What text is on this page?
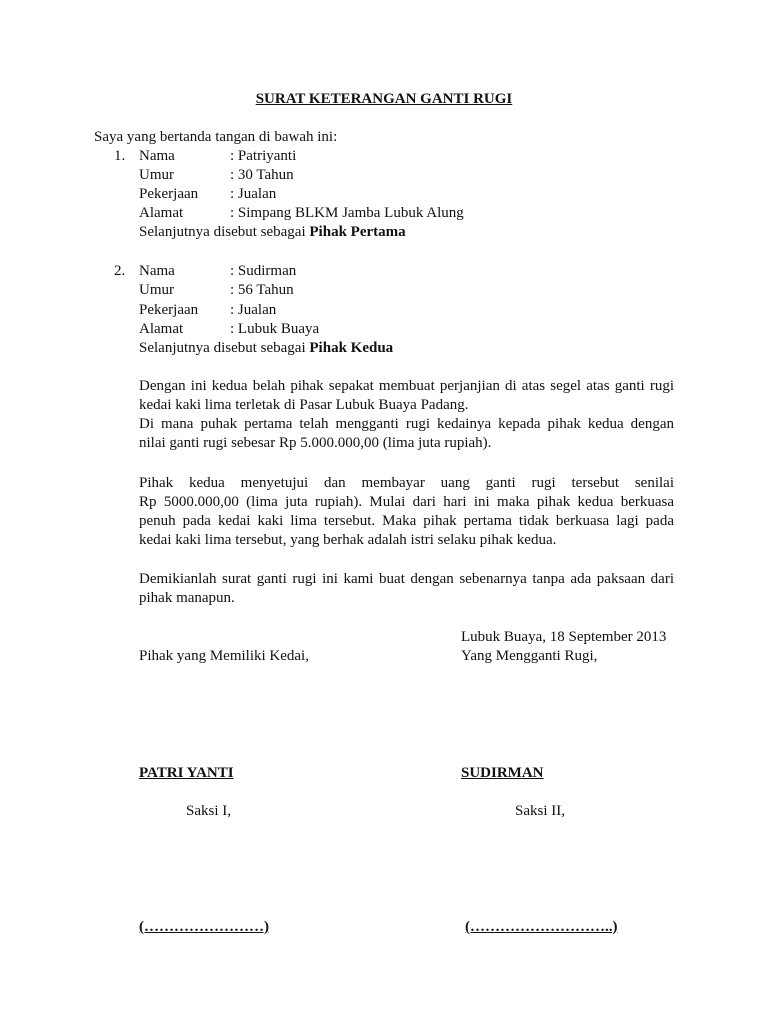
SURAT KETERANGAN GANTI RUGI
Saya yang bertanda tangan di bawah ini:
1. Nama	: Patriyanti
Umur	: 30 Tahun
Pekerjaan : Jualan
Alamat	: Simpang BLKM Jamba Lubuk Alung
Selanjutnya disebut sebagai Pihak Pertama
2. Nama	: Sudirman
Umur	: 56 Tahun
Pekerjaan : Jualan
Alamat	: Lubuk Buaya
Selanjutnya disebut sebagai Pihak Kedua
Dengan ini kedua belah pihak sepakat membuat perjanjian di atas segel atas ganti rugi
kedai kaki lima terletak di Pasar Lubuk Buaya Padang.
Di mana puhak pertama telah mengganti rugi kedainya kepada pihak kedua dengan
nilai ganti rugi sebesar Rp 5.000.000,00 (lima juta rupiah).
Pihak kedua menyetujui dan membayar uang ganti rugi tersebut senilai
Rp 5000.000,00 (lima juta rupiah). Mulai dari hari ini maka pihak kedua berkuasa
penuh pada kedai kaki lima tersebut. Maka pihak pertama tidak berkuasa lagi pada
kedai kaki lima tersebut, yang berhak adalah istri selaku pihak kedua.
Demikianlah surat ganti rugi ini kami buat dengan sebenarnya tanpa ada paksaan dari
pihak manapun.
Lubuk Buaya, 18 September 2013
Pihak yang Memiliki Kedai,	Yang Mengganti Rugi,
PATRI YANTI	SUDIRMAN
Saksi I,	Saksi II,
(……………………)	(………………………..)
